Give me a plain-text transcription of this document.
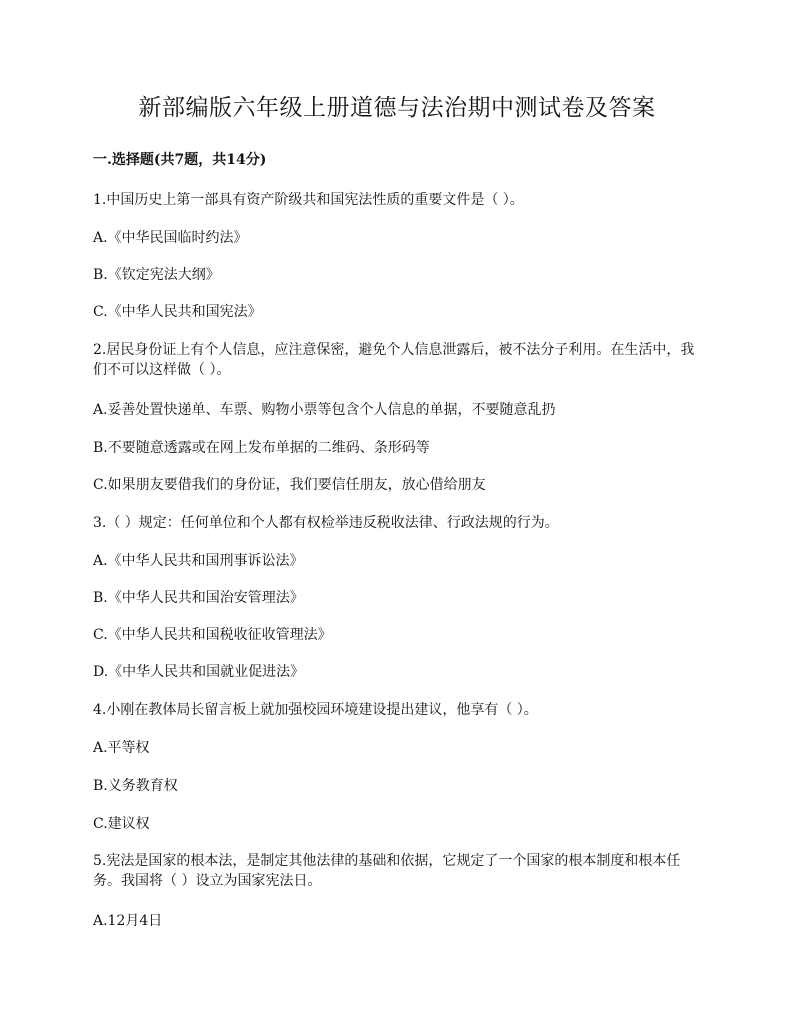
新部编版六年级上册道德与法治期中测试卷及答案
一.选择题(共7题，共14分)
1.中国历史上第一部具有资产阶级共和国宪法性质的重要文件是（ ）。
A.《中华民国临时约法》
B.《钦定宪法大纲》
C.《中华人民共和国宪法》
2.居民身份证上有个人信息，应注意保密，避免个人信息泄露后，被不法分子利用。在生活中，我们不可以这样做（ ）。
A.妥善处置快递单、车票、购物小票等包含个人信息的单据，不要随意乱扔
B.不要随意透露或在网上发布单据的二维码、条形码等
C.如果朋友要借我们的身份证，我们要信任朋友，放心借给朋友
3.（ ）规定：任何单位和个人都有权检举违反税收法律、行政法规的行为。
A.《中华人民共和国刑事诉讼法》
B.《中华人民共和国治安管理法》
C.《中华人民共和国税收征收管理法》
D.《中华人民共和国就业促进法》
4.小刚在教体局长留言板上就加强校园环境建设提出建议，他享有（ ）。
A.平等权
B.义务教育权
C.建议权
5.宪法是国家的根本法，是制定其他法律的基础和依据，它规定了一个国家的根本制度和根本任务。我国将（ ）设立为国家宪法日。
A.12月4日
